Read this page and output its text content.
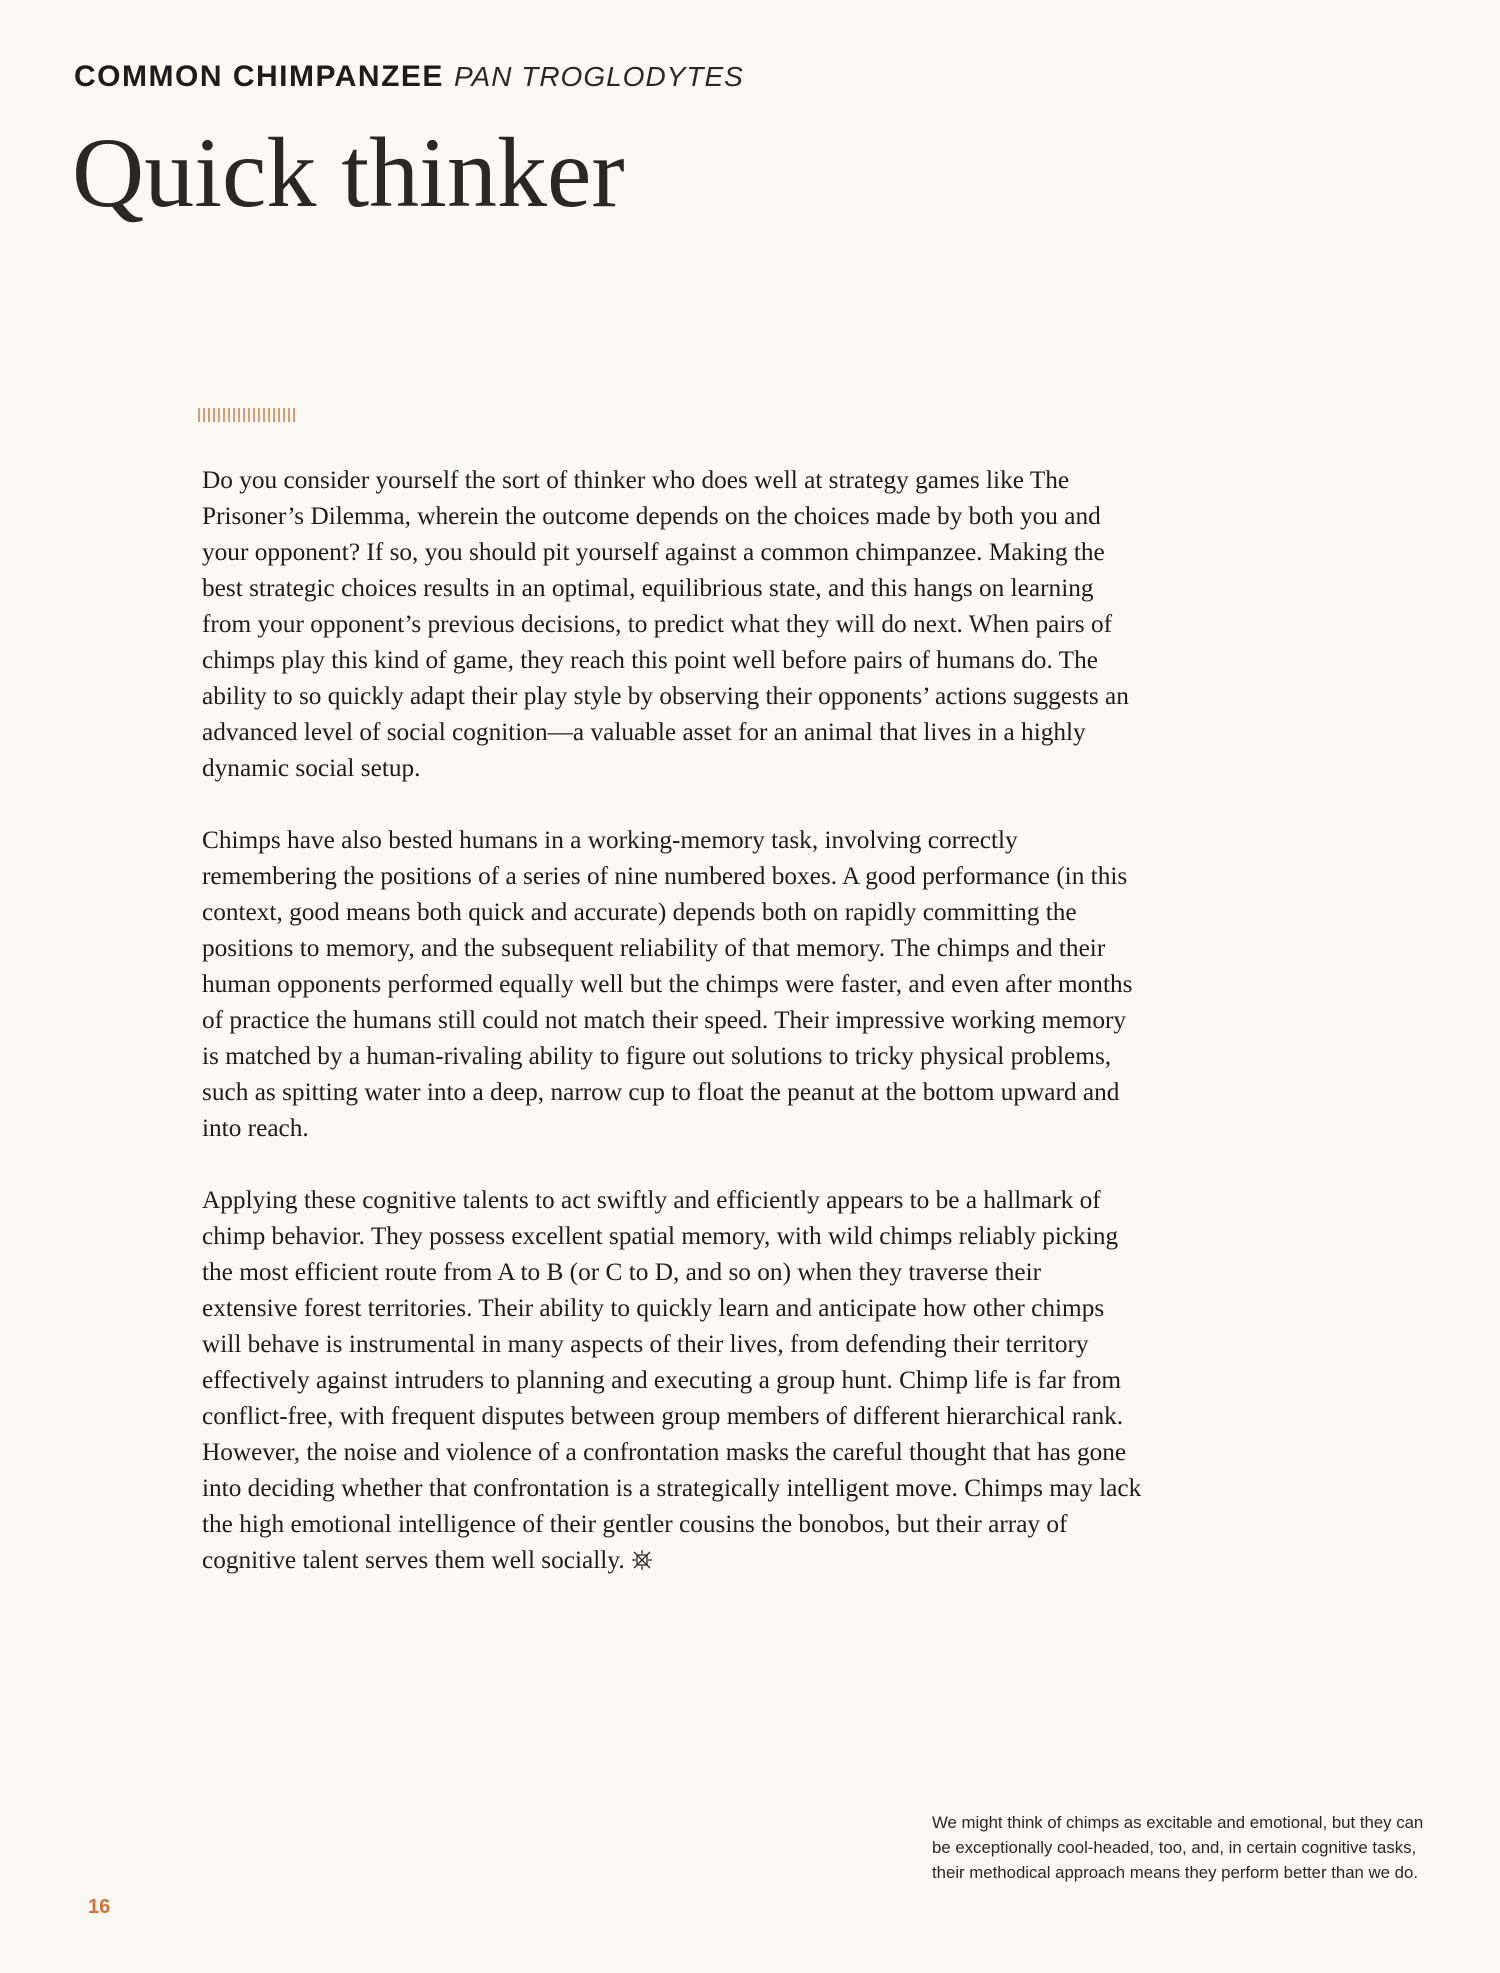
COMMON CHIMPANZEE PAN TROGLODYTES
Quick thinker

Do you consider yourself the sort of thinker who does well at strategy games like The Prisoner’s Dilemma, wherein the outcome depends on the choices made by both you and your opponent? If so, you should pit yourself against a common chimpanzee. Making the best strategic choices results in an optimal, equilibrious state, and this hangs on learning from your opponent’s previous decisions, to predict what they will do next. When pairs of chimps play this kind of game, they reach this point well before pairs of humans do. The ability to so quickly adapt their play style by observing their opponents’ actions suggests an advanced level of social cognition—a valuable asset for an animal that lives in a highly dynamic social setup.

Chimps have also bested humans in a working-memory task, involving correctly remembering the positions of a series of nine numbered boxes. A good performance (in this context, good means both quick and accurate) depends both on rapidly committing the positions to memory, and the subsequent reliability of that memory. The chimps and their human opponents performed equally well but the chimps were faster, and even after months of practice the humans still could not match their speed. Their impressive working memory is matched by a human-rivaling ability to figure out solutions to tricky physical problems, such as spitting water into a deep, narrow cup to float the peanut at the bottom upward and into reach.

Applying these cognitive talents to act swiftly and efficiently appears to be a hallmark of chimp behavior. They possess excellent spatial memory, with wild chimps reliably picking the most efficient route from A to B (or C to D, and so on) when they traverse their extensive forest territories. Their ability to quickly learn and anticipate how other chimps will behave is instrumental in many aspects of their lives, from defending their territory effectively against intruders to planning and executing a group hunt. Chimp life is far from conflict-free, with frequent disputes between group members of different hierarchical rank. However, the noise and violence of a confrontation masks the careful thought that has gone into deciding whether that confrontation is a strategically intelligent move. Chimps may lack the high emotional intelligence of their gentler cousins the bonobos, but their array of cognitive talent serves them well socially.

We might think of chimps as excitable and emotional, but they can be exceptionally cool-headed, too, and, in certain cognitive tasks, their methodical approach means they perform better than we do.

16
